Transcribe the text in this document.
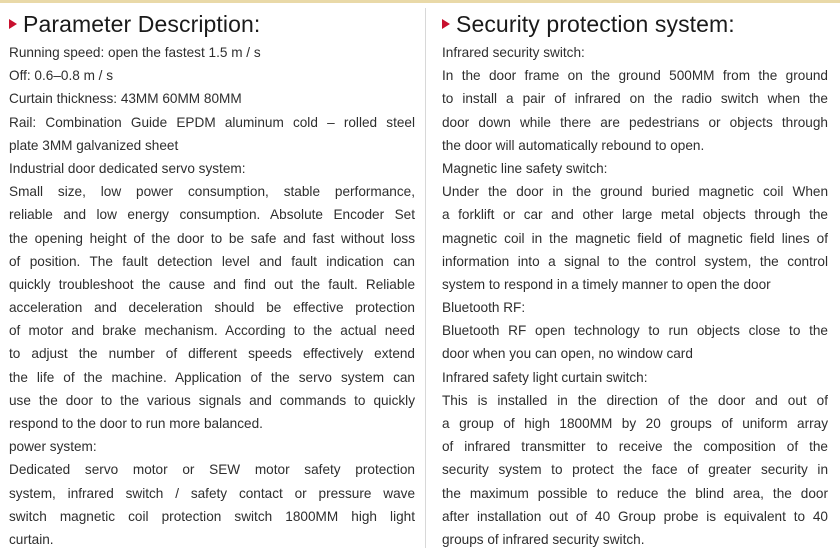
Parameter Description:
Running speed: open the fastest 1.5 m / s
Off: 0.6–0.8 m / s
Curtain thickness: 43MM 60MM 80MM
Rail: Combination Guide EPDM aluminum cold – rolled steel
plate 3MM galvanized sheet
Industrial door dedicated servo system:
Small size, low power consumption, stable performance,
reliable and low energy consumption. Absolute Encoder Set
the opening height of the door to be safe and fast without loss
of position. The fault detection level and fault indication can
quickly troubleshoot the cause and find out the fault. Reliable
acceleration and deceleration should be effective protection
of motor and brake mechanism. According to the actual need
to adjust the number of different speeds effectively extend
the life of the machine. Application of the servo system can
use the door to the various signals and commands to quickly
respond to the door to run more balanced.
power system:
Dedicated servo motor or SEW motor safety protection
system, infrared switch / safety contact or pressure wave
switch magnetic coil protection switch 1800MM high light
curtain.
Security protection system:
Infrared security switch:
In the door frame on the ground 500MM from the ground
to install a pair of infrared on the radio switch when the
door down while there are pedestrians or objects through
the door will automatically rebound to open.
Magnetic line safety switch:
Under the door in the ground buried magnetic coil When
a forklift or car and other large metal objects through the
magnetic coil in the magnetic field of magnetic field lines of
information into a signal to the control system, the control
system to respond in a timely manner to open the door
Bluetooth RF:
Bluetooth RF open technology to run objects close to the
door when you can open, no window card
Infrared safety light curtain switch:
This is installed in the direction of the door and out of
a group of high 1800MM by 20 groups of uniform array
of infrared transmitter to receive the composition of the
security system to protect the face of greater security in
the maximum possible to reduce the blind area, the door
after installation out of 40 Group probe is equivalent to 40
groups of infrared security switch.
